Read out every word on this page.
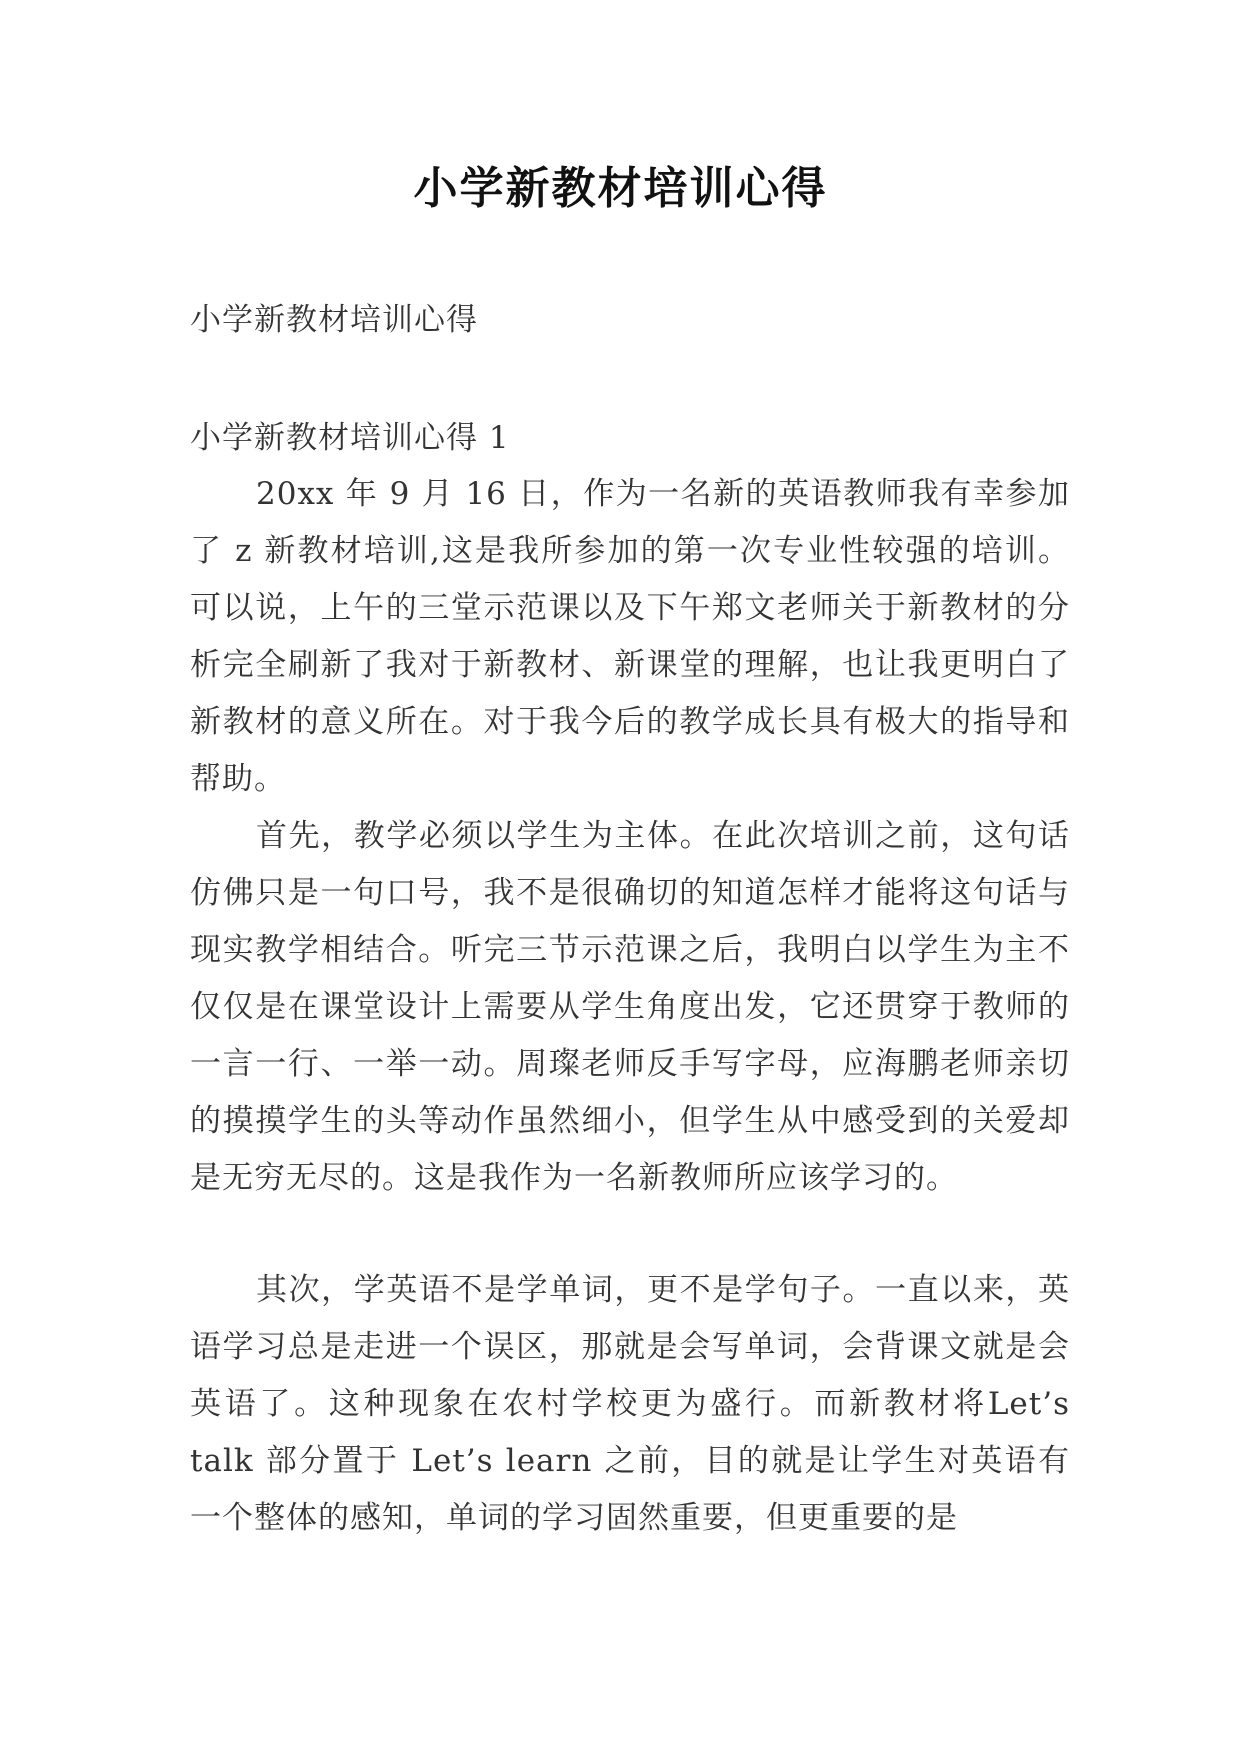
小学新教材培训心得
小学新教材培训心得
小学新教材培训心得 1

20xx 年 9 月 16 日，作为一名新的英语教师我有幸参加了 z 新教材培训,这是我所参加的第一次专业性较强的培训。可以说，上午的三堂示范课以及下午郑文老师关于新教材的分析完全刷新了我对于新教材、新课堂的理解，也让我更明白了新教材的意义所在。对于我今后的教学成长具有极大的指导和帮助。

首先，教学必须以学生为主体。在此次培训之前，这句话仿佛只是一句口号，我不是很确切的知道怎样才能将这句话与现实教学相结合。听完三节示范课之后，我明白以学生为主不仅仅是在课堂设计上需要从学生角度出发，它还贯穿于教师的一言一行、一举一动。周璨老师反手写字母，应海鹏老师亲切的摸摸学生的头等动作虽然细小，但学生从中感受到的关爱却是无穷无尽的。这是我作为一名新教师所应该学习的。

其次，学英语不是学单词，更不是学句子。一直以来，英语学习总是走进一个误区，那就是会写单词，会背课文就是会英语了。这种现象在农村学校更为盛行。而新教材将Let’s talk 部分置于 Let’s learn 之前，目的就是让学生对英语有一个整体的感知，单词的学习固然重要，但更重要的是
